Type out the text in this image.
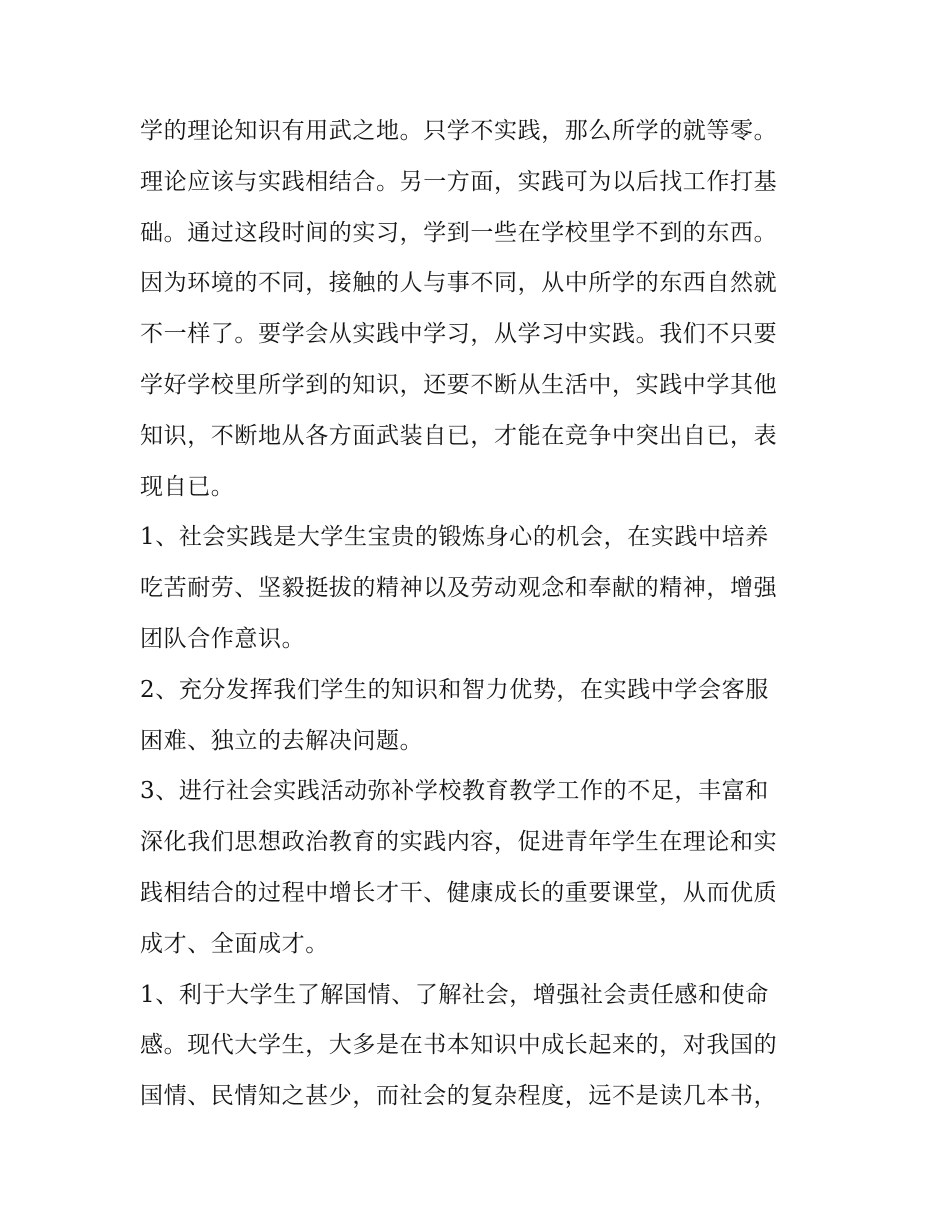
学的理论知识有用武之地。只学不实践，那么所学的就等零。
理论应该与实践相结合。另一方面，实践可为以后找工作打基
础。通过这段时间的实习，学到一些在学校里学不到的东西。
因为环境的不同，接触的人与事不同，从中所学的东西自然就
不一样了。要学会从实践中学习，从学习中实践。我们不只要
学好学校里所学到的知识，还要不断从生活中，实践中学其他
知识，不断地从各方面武装自已，才能在竞争中突出自已，表
现自已。
1、社会实践是大学生宝贵的锻炼身心的机会，在实践中培养
吃苦耐劳、坚毅挺拔的精神以及劳动观念和奉献的精神，增强
团队合作意识。
2、充分发挥我们学生的知识和智力优势，在实践中学会客服
困难、独立的去解决问题。
3、进行社会实践活动弥补学校教育教学工作的不足，丰富和
深化我们思想政治教育的实践内容，促进青年学生在理论和实
践相结合的过程中增长才干、健康成长的重要课堂，从而优质
成才、全面成才。
1、利于大学生了解国情、了解社会，增强社会责任感和使命
感。现代大学生，大多是在书本知识中成长起来的，对我国的
国情、民情知之甚少，而社会的复杂程度，远不是读几本书，
